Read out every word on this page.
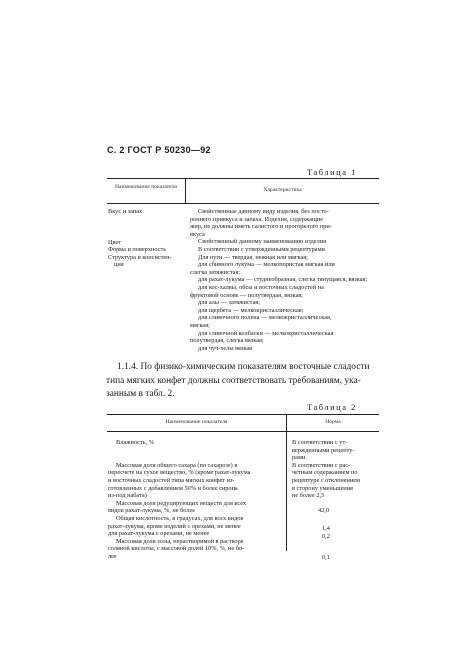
С. 2 ГОСТ Р 50230—92
Таблица 1
Наименование показателя	Характеристика
Вкус и запах
Цвет
Форма и поверхность
Структура и консистен-
ция
Свойственные данному виду изделия, без посто-
роннего привкуса и запаха. Изделия, содержащие
жир, не должны иметь салистого и прогорклого при-
вкуса
Свойственный данному наименованию изделия
В соответствии с утвержденными рецептурами
Для нуги — твердая, нежная или мягкая;
для сбивного лукума — мелкопористая мягкая или
слегка затяжистая;
для рахат-лукума — студнеобразная, слегка тянущаяся, вязкая;
для кос-халвы, обсы и восточных сладостей на
фруктовой основе — полутвердая, вязкая;
для алы — затяжистая;
для щербета — мелкокристаллическая;
для сливочного полена — мелкокристаллическая,
мягкая;
для сливочной колбаски — мелкокристаллическая
полутвердая, слегка вязкая;
для чуч-хелы вязкая
1.1.4. По физико-химическим показателям восточные сладости
типа мягких конфет должны соответствовать требованиям, ука-
занным в табл. 2.
Таблица 2
Наименование показателя	Норма
Влажность, %

Массовая доля общего сахара (по сахарозе) в
пересчете на сухое вещество, % (кроме рахат-лукума
и восточных сладостей типа мягких конфет из-
готовленных с добавлением 50% и более сиропа
из-под набата)
Массовая доля редуцирующих веществ для всех
видов рахат-лукума, %, не более
Общая кислотность, в градусах, для всех видов
рахат-лукума, кроме изделий с орехами, не менее
для рахат-лукума с орехами, не менее
Массовая доля золы, нерастворимой в растворе
соляной кислоты, с массовой долей 10%, %, не бо-
лее
В соответствии с ут-
вержденными рецепту-
рами
В соответствии с рас-
четным содержанием по
рецептуре с отклонением
в сторону уменьшения
не более 2,5
42,0
1,4
0,2
0,1
